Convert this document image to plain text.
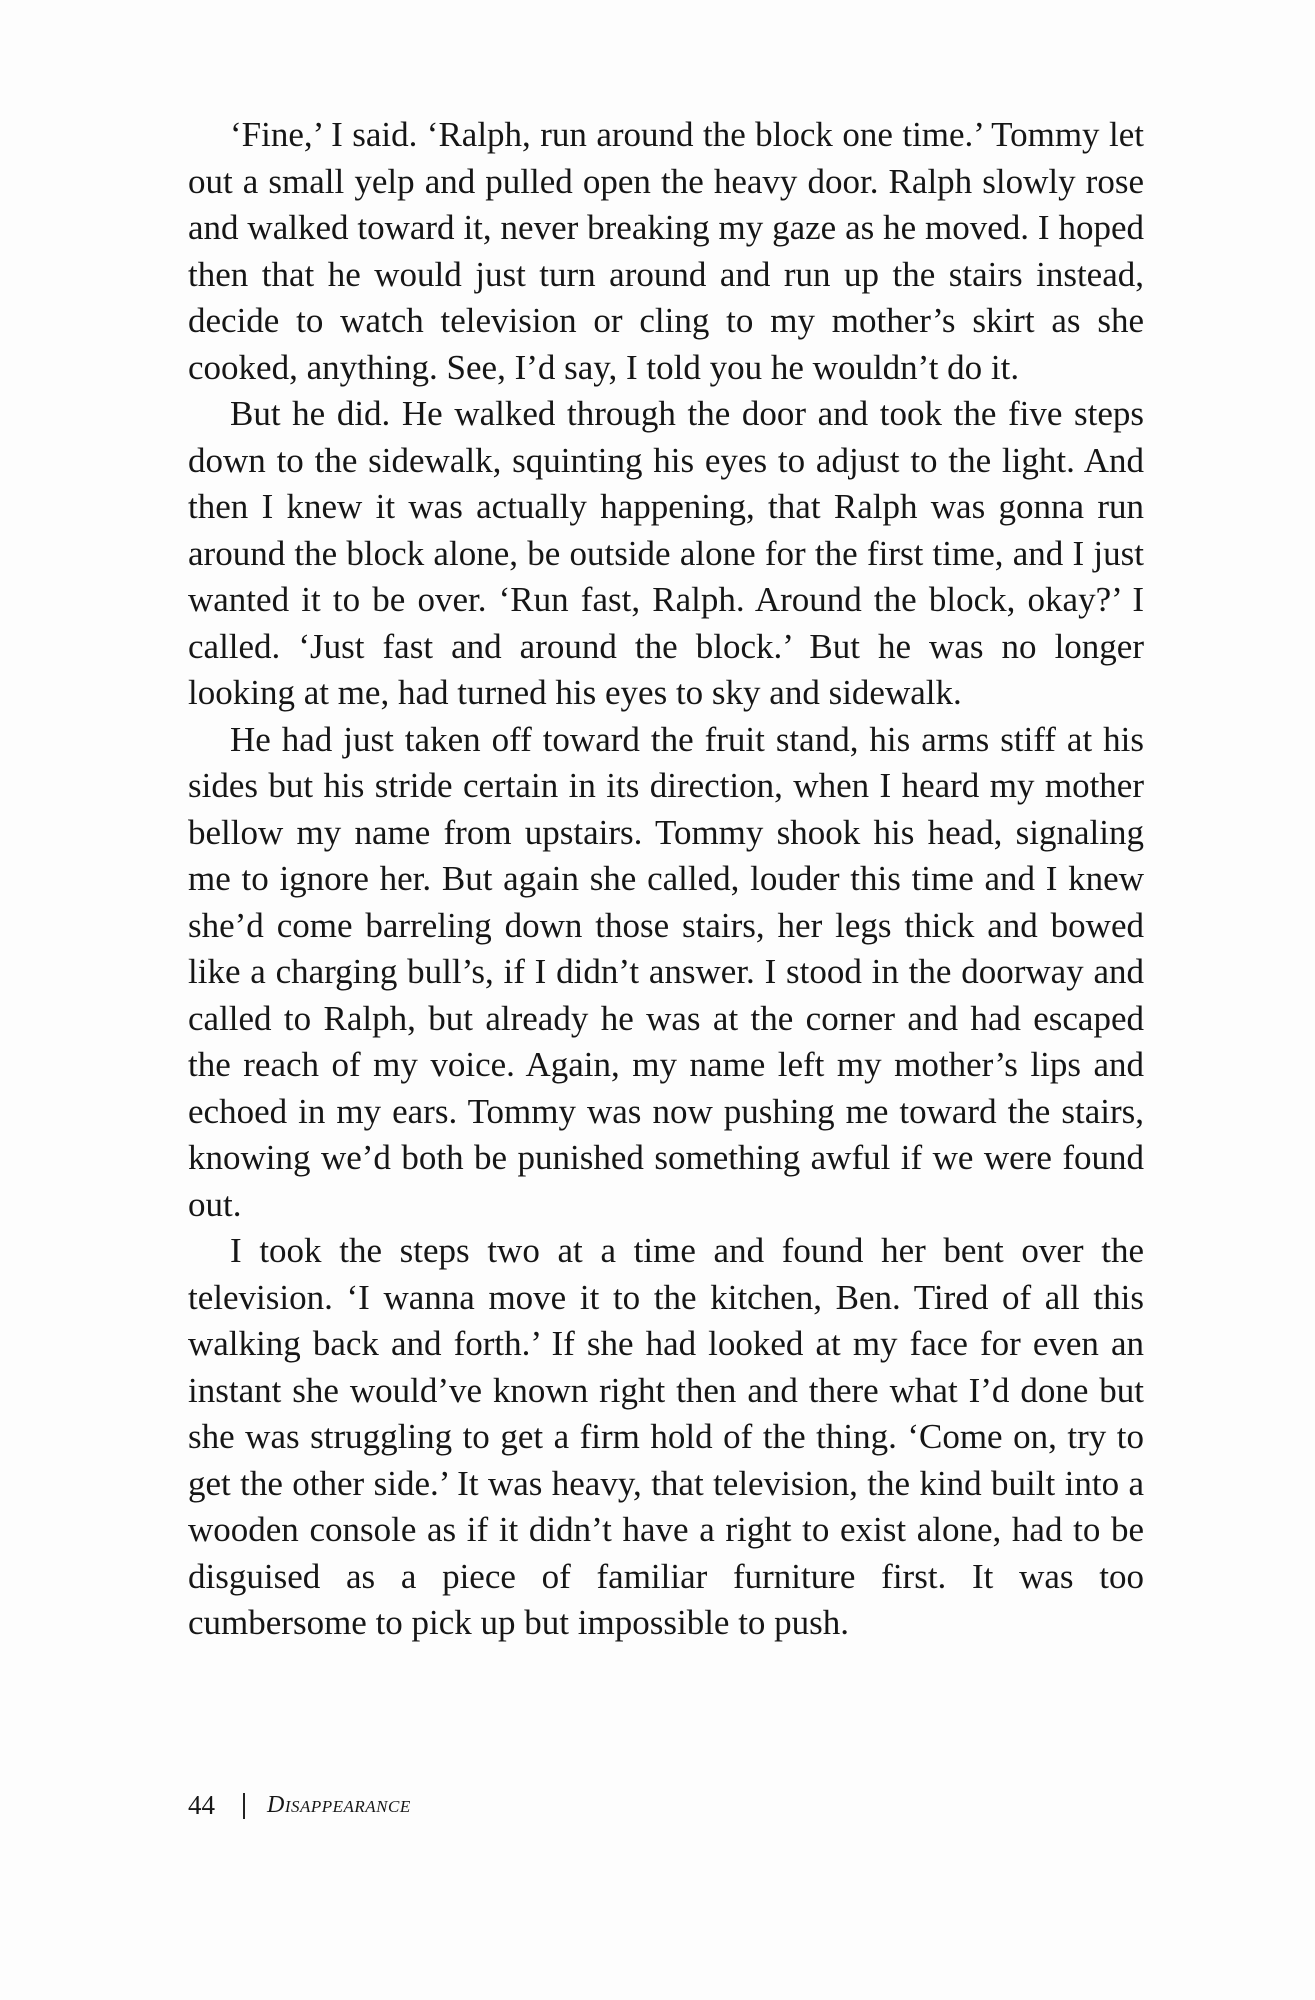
‘Fine,’ I said. ‘Ralph, run around the block one time.’ Tommy let out a small yelp and pulled open the heavy door. Ralph slowly rose and walked toward it, never breaking my gaze as he moved. I hoped then that he would just turn around and run up the stairs instead, decide to watch television or cling to my mother’s skirt as she cooked, anything. See, I’d say, I told you he wouldn’t do it.

But he did. He walked through the door and took the five steps down to the sidewalk, squinting his eyes to adjust to the light. And then I knew it was actually happening, that Ralph was gonna run around the block alone, be outside alone for the first time, and I just wanted it to be over. ‘Run fast, Ralph. Around the block, okay?’ I called. ‘Just fast and around the block.’ But he was no longer looking at me, had turned his eyes to sky and sidewalk.

He had just taken off toward the fruit stand, his arms stiff at his sides but his stride certain in its direction, when I heard my mother bellow my name from upstairs. Tommy shook his head, signaling me to ignore her. But again she called, louder this time and I knew she’d come barreling down those stairs, her legs thick and bowed like a charging bull’s, if I didn’t answer. I stood in the doorway and called to Ralph, but already he was at the corner and had escaped the reach of my voice. Again, my name left my mother’s lips and echoed in my ears. Tommy was now pushing me toward the stairs, knowing we’d both be punished something awful if we were found out.

I took the steps two at a time and found her bent over the television. ‘I wanna move it to the kitchen, Ben. Tired of all this walking back and forth.’ If she had looked at my face for even an instant she would’ve known right then and there what I’d done but she was struggling to get a firm hold of the thing. ‘Come on, try to get the other side.’ It was heavy, that television, the kind built into a wooden console as if it didn’t have a right to exist alone, had to be disguised as a piece of familiar furniture first. It was too cumbersome to pick up but impossible to push.

44 Disappearance
